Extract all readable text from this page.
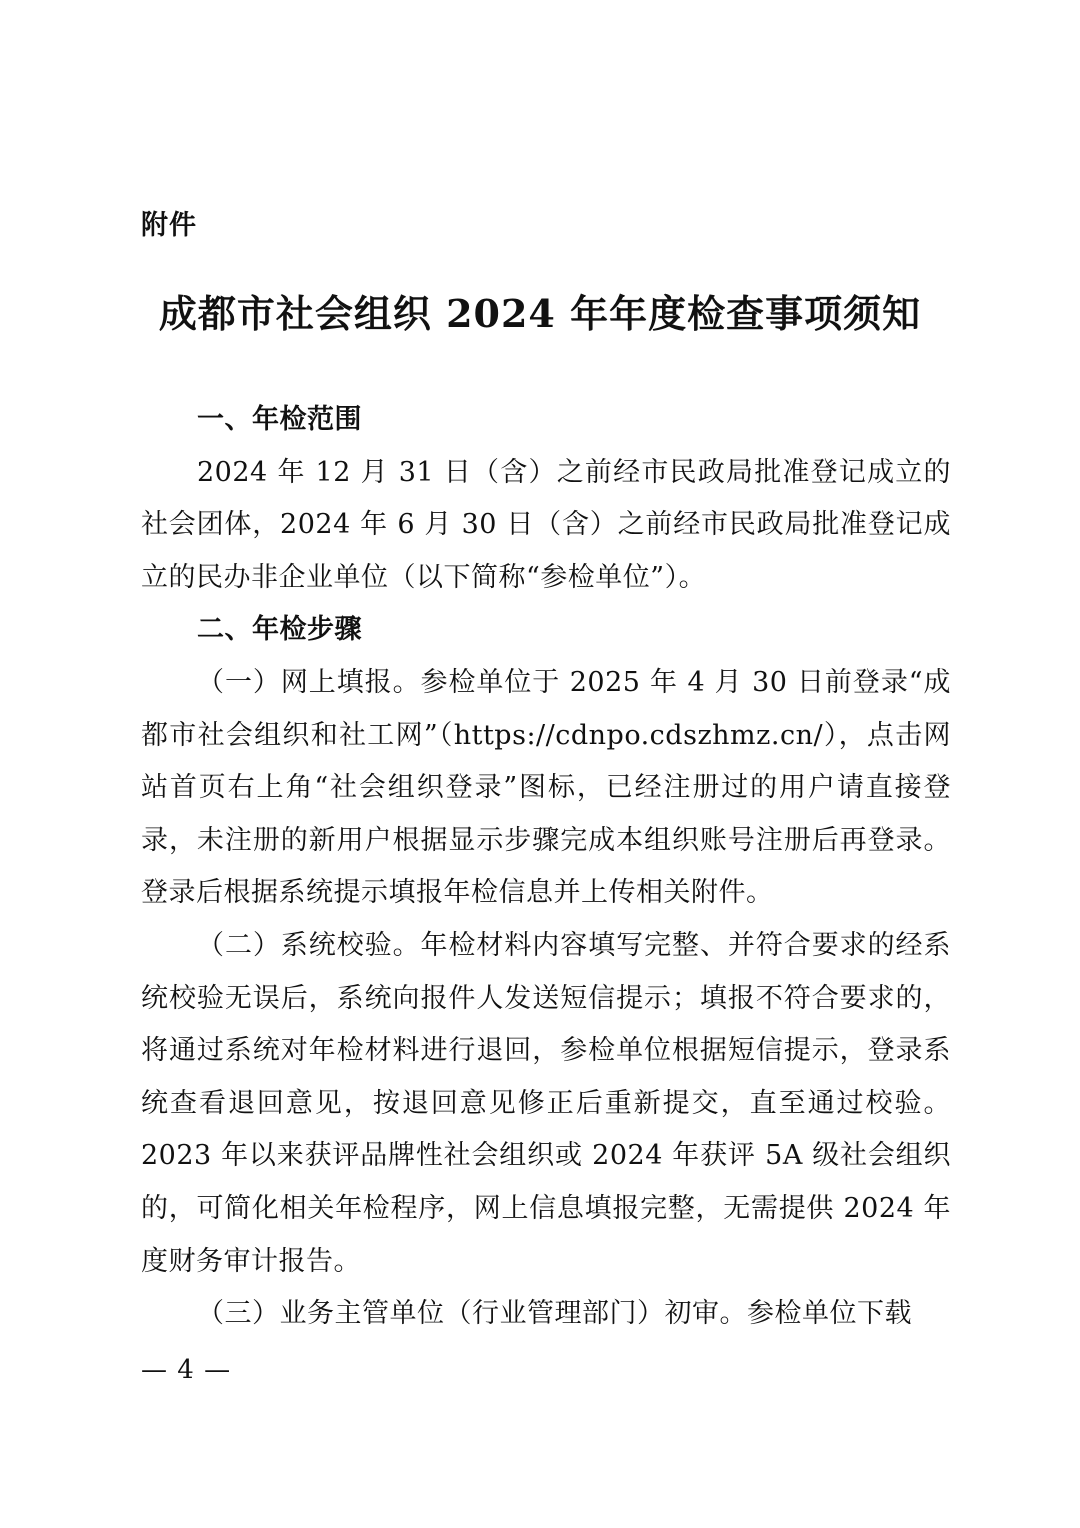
附件
成都市社会组织 2024 年年度检查事项须知
一、年检范围

2024 年 12 月 31 日（含）之前经市民政局批准登记成立的社会团体，2024 年 6 月 30 日（含）之前经市民政局批准登记成立的民办非企业单位（以下简称“参检单位”）。

二、年检步骤

（一）网上填报。参检单位于 2025 年 4 月 30 日前登录“成都市社会组织和社工网”（https://cdnpo.cdszhmz.cn/），点击网站首页右上角“社会组织登录”图标，已经注册过的用户请直接登录，未注册的新用户根据显示步骤完成本组织账号注册后再登录。登录后根据系统提示填报年检信息并上传相关附件。

（二）系统校验。年检材料内容填写完整、并符合要求的经系统校验无误后，系统向报件人发送短信提示；填报不符合要求的，将通过系统对年检材料进行退回，参检单位根据短信提示，登录系统查看退回意见，按退回意见修正后重新提交，直至通过校验。2023 年以来获评品牌性社会组织或 2024 年获评 5A 级社会组织的，可简化相关年检程序，网上信息填报完整，无需提供 2024 年度财务审计报告。

（三）业务主管单位（行业管理部门）初审。参检单位下载

— 4 —
